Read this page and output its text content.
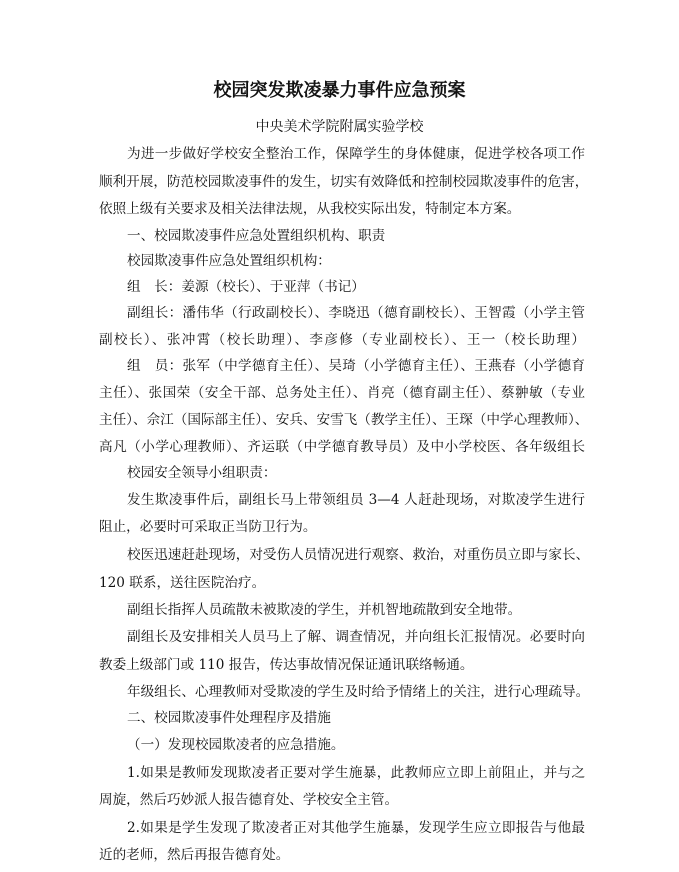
校园突发欺凌暴力事件应急预案
中央美术学院附属实验学校
为进一步做好学校安全整治工作，保障学生的身体健康，促进学校各项工作
顺利开展，防范校园欺凌事件的发生，切实有效降低和控制校园欺凌事件的危害，
依照上级有关要求及相关法律法规，从我校实际出发，特制定本方案。
一、校园欺凌事件应急处置组织机构、职责
校园欺凌事件应急处置组织机构：
组　长：姜源（校长）、于亚萍（书记）
副组长：潘伟华（行政副校长）、李晓迅（德育副校长）、王智霞（小学主管
副校长）、张冲霄（校长助理）、李彦修（专业副校长）、王一（校长助理）
组　员：张军（中学德育主任）、吴琦（小学德育主任）、王燕春（小学德育
主任）、张国荣（安全干部、总务处主任）、肖亮（德育副主任）、蔡翀敏（专业
主任）、佘江（国际部主任）、安兵、安雪飞（教学主任）、王琛（中学心理教师）、
高凡（小学心理教师）、齐运联（中学德育教导员）及中小学校医、各年级组长
校园安全领导小组职责：
发生欺凌事件后，副组长马上带领组员 3—4 人赶赴现场，对欺凌学生进行
阻止，必要时可采取正当防卫行为。
校医迅速赶赴现场，对受伤人员情况进行观察、救治，对重伤员立即与家长、
120 联系，送往医院治疗。
副组长指挥人员疏散未被欺凌的学生，并机智地疏散到安全地带。
副组长及安排相关人员马上了解、调查情况，并向组长汇报情况。必要时向
教委上级部门或 110 报告，传达事故情况保证通讯联络畅通。
年级组长、心理教师对受欺凌的学生及时给予情绪上的关注，进行心理疏导。
二、校园欺凌事件处理程序及措施
（一）发现校园欺凌者的应急措施。
1.如果是教师发现欺凌者正要对学生施暴，此教师应立即上前阻止，并与之
周旋，然后巧妙派人报告德育处、学校安全主管。
2.如果是学生发现了欺凌者正对其他学生施暴，发现学生应立即报告与他最
近的老师，然后再报告德育处。
